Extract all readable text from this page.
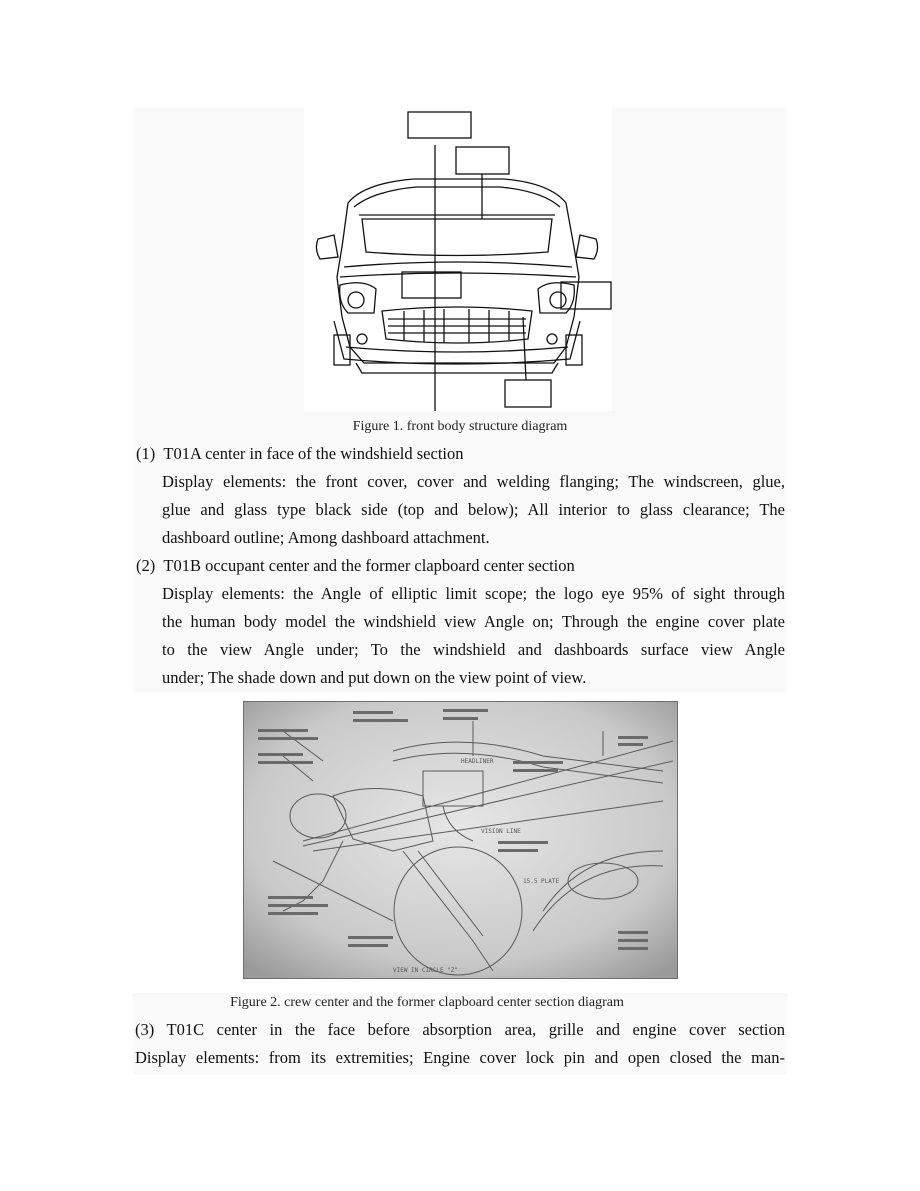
Figure 1. front body structure diagram
(1) T01A center in face of the windshield section
Display elements: the front cover, cover and welding flanging; The windscreen, glue,
glue and glass type black side (top and below); All interior to glass clearance; The
dashboard outline; Among dashboard attachment.
(2) T01B occupant center and the former clapboard center section
Display elements: the Angle of elliptic limit scope; the logo eye 95% of sight through
the human body model the windshield view Angle on; Through the engine cover plate
to the view Angle under; To the windshield and dashboards surface view Angle
under; The shade down and put down on the view point of view.
VIEW IN CIRCLE "Z"
HEADLINER
VISION LINE
15.5 PLATE
Figure 2. crew center and the former clapboard center section diagram
(3) T01C center in the face before absorption area, grille and engine cover section
Display elements: from its extremities; Engine cover lock pin and open closed the man-
